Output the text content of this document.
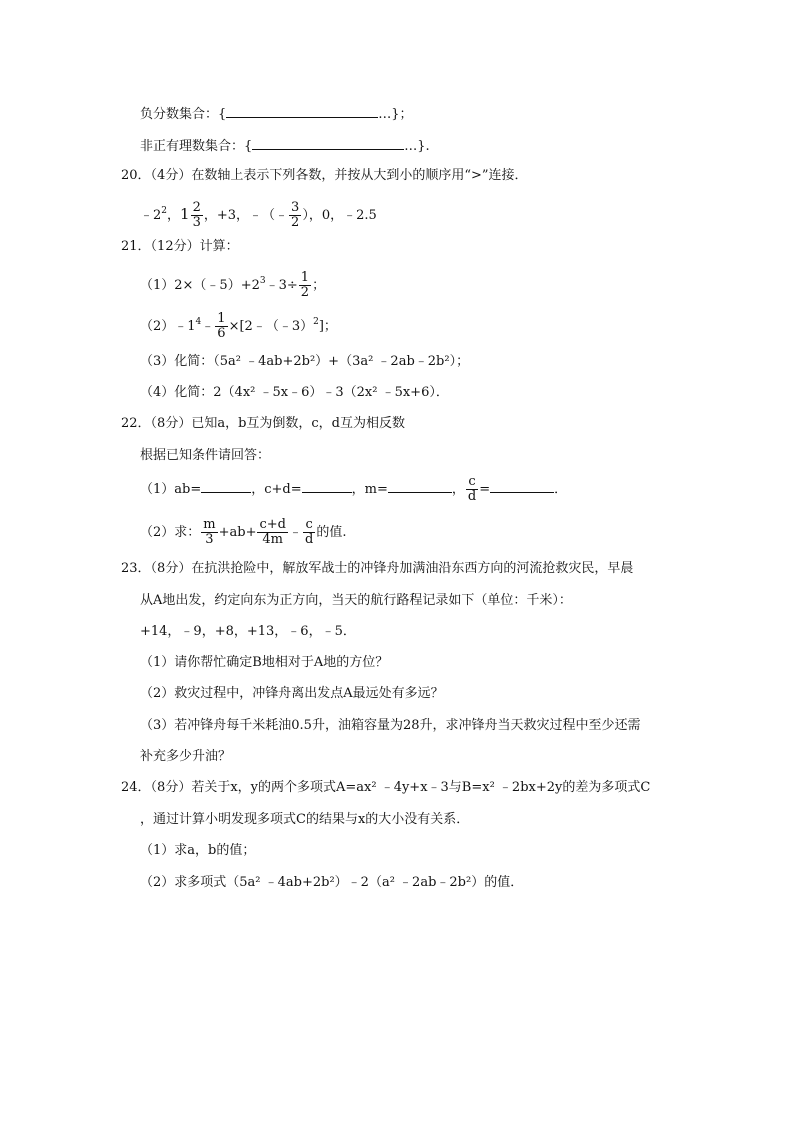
负分数集合：{	…}；
非正有理数集合：{	…}.
20．（4分）在数轴上表示下列各数，并按从大到小的顺序用“>”连接．
$﹣2^2$，$1 \frac{2}{3}$ ，+3，﹣（﹣ $\frac{3}{2}$ ），0，﹣2.5
21．（12分）计算：
$(1)2\times(﹣5)+2^3﹣3\div \frac{1}{2}$ ；
$(2)﹣1^4﹣ \frac{1}{6}$ ×[2﹣（﹣3）$^2$]；
（3）化简：（5a² ﹣4ab+2b²）+（3a² ﹣2ab﹣2b²）；
（4）化简：2（4x² ﹣5x﹣6）﹣3（2x² ﹣5x+6）．
22．（8分）已知a，b互为倒数，c，d互为相反数
根据已知条件请回答：
（1）ab=	，c+d=	，m=	， $\frac{c}{d}$ =	．
（2）求： $\frac{m}{3} +ab+ \frac{c+d}{4m}$ ﹣ $\frac{c}{d}$ 的值.
23．（8分）在抗洪抢险中，解放军战士的冲锋舟加满油沿东西方向的河流抢救灾民，早晨
从A地出发，约定向东为正方向，当天的航行路程记录如下（单位：千米）：
+14，﹣9，+8，+13，﹣6，﹣5．
（1）请你帮忙确定B地相对于A地的方位？
（2）救灾过程中，冲锋舟离出发点A最远处有多远？
（3）若冲锋舟每千米耗油0.5升，油箱容量为28升，求冲锋舟当天救灾过程中至少还需
补充多少升油？
24．（8分）若关于x，y的两个多项式A=ax² ﹣4y+x﹣3与B=x² ﹣2bx+2y的差为多项式C
，通过计算小明发现多项式C的结果与x的大小没有关系．
（1）求a，b的值；
（2）求多项式（5a² ﹣4ab+2b²）﹣2（a² ﹣2ab﹣2b²）的值．
